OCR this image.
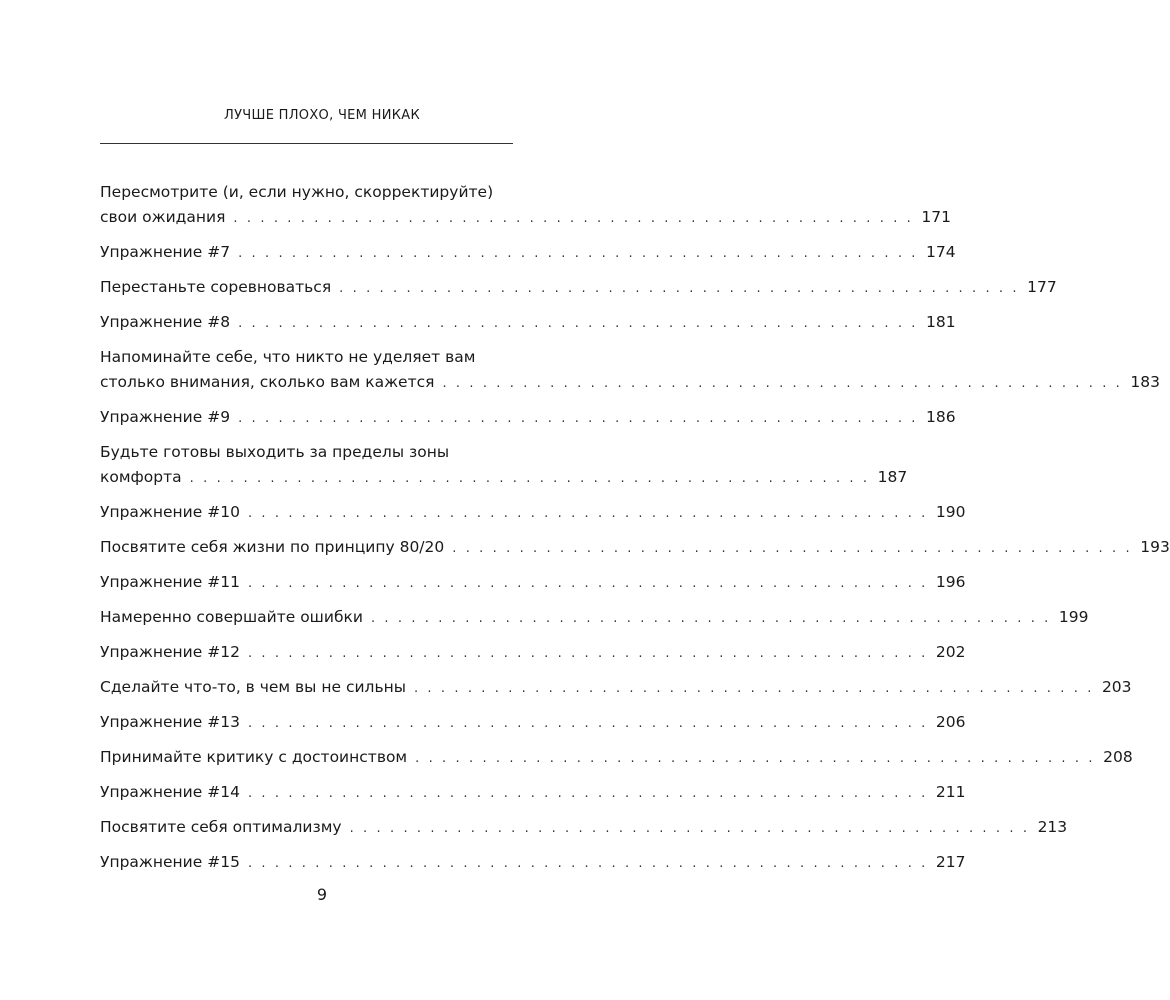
ЛУЧШЕ ПЛОХО, ЧЕМ НИКАК
Пересмотрите (и, если нужно, скорректируйте)
свои ожидания . . . . . . . . . . . . . . . . . . . . . . . . . . . . . . . . . . . . . . . . . . . . . . . . . . . 171
Упражнение #7 . . . . . . . . . . . . . . . . . . . . . . . . . . . . . . . . . . . . . . . . . . . . . . . . . . . 174
Перестаньте соревноваться . . . . . . . . . . . . . . . . . . . . . . . . . . . . . . . . . . . . . . . . . . . . . . . . . . . 177
Упражнение #8 . . . . . . . . . . . . . . . . . . . . . . . . . . . . . . . . . . . . . . . . . . . . . . . . . . . 181
Напоминайте себе, что никто не уделяет вам
столько внимания, сколько вам кажется . . . . . . . . . . . . . . . . . . . . . . . . . . . . . . . . . . . . . . . . . . . . . . . . . . . 183
Упражнение #9 . . . . . . . . . . . . . . . . . . . . . . . . . . . . . . . . . . . . . . . . . . . . . . . . . . . 186
Будьте готовы выходить за пределы зоны
комфорта . . . . . . . . . . . . . . . . . . . . . . . . . . . . . . . . . . . . . . . . . . . . . . . . . . . 187
Упражнение #10 . . . . . . . . . . . . . . . . . . . . . . . . . . . . . . . . . . . . . . . . . . . . . . . . . . . 190
Посвятите себя жизни по принципу 80/20 . . . . . . . . . . . . . . . . . . . . . . . . . . . . . . . . . . . . . . . . . . . . . . . . . . . 193
Упражнение #11 . . . . . . . . . . . . . . . . . . . . . . . . . . . . . . . . . . . . . . . . . . . . . . . . . . . 196
Намеренно совершайте ошибки . . . . . . . . . . . . . . . . . . . . . . . . . . . . . . . . . . . . . . . . . . . . . . . . . . . 199
Упражнение #12 . . . . . . . . . . . . . . . . . . . . . . . . . . . . . . . . . . . . . . . . . . . . . . . . . . . 202
Сделайте что-то, в чем вы не сильны . . . . . . . . . . . . . . . . . . . . . . . . . . . . . . . . . . . . . . . . . . . . . . . . . . . 203
Упражнение #13 . . . . . . . . . . . . . . . . . . . . . . . . . . . . . . . . . . . . . . . . . . . . . . . . . . . 206
Принимайте критику с достоинством . . . . . . . . . . . . . . . . . . . . . . . . . . . . . . . . . . . . . . . . . . . . . . . . . . . 208
Упражнение #14 . . . . . . . . . . . . . . . . . . . . . . . . . . . . . . . . . . . . . . . . . . . . . . . . . . . 211
Посвятите себя оптимализму . . . . . . . . . . . . . . . . . . . . . . . . . . . . . . . . . . . . . . . . . . . . . . . . . . . 213
Упражнение #15 . . . . . . . . . . . . . . . . . . . . . . . . . . . . . . . . . . . . . . . . . . . . . . . . . . . 217
9
